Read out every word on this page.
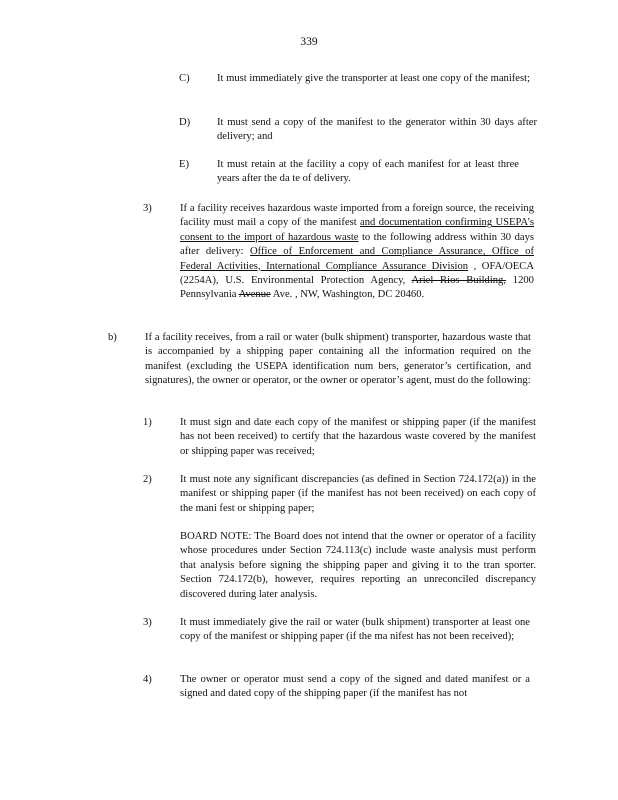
339
C)	It must immediately give the transporter at least one copy of the manifest;
D)	It must send a copy of the manifest to the generator within 30 days after delivery; and
E)	It must retain at the facility a copy of each manifest for at least three years after the da te of delivery.
3)	If a facility receives hazardous waste imported from a foreign source, the receiving facility must mail a copy of the manifest and documentation confirming USEPA’s consent to the import of hazardous waste to the following address within 30 days after delivery: Office of Enforcement and Compliance Assurance, Office of Federal Activities, International Compliance Assurance Division , OFA/OECA (2254A), U.S. Environmental Protection Agency, Ariel Rios Building, 1200 Pennsylvania Avenue Ave. , NW, Washington, DC 20460.
b)	If a facility receives, from a rail or water (bulk shipment) transporter, hazardous waste that is accompanied by a shipping paper containing all the information required on the manifest (excluding the USEPA identification num bers, generator’s certification, and signatures), the owner or operator, or the owner or operator’s agent, must do the following:
1)	It must sign and date each copy of the manifest or shipping paper (if the manifest has not been received) to certify that the hazardous waste covered by the manifest or shipping paper was received;
2)	It must note any significant discrepancies (as defined in Section 724.172(a)) in the manifest or shipping paper (if the manifest has not been received) on each copy of the mani fest or shipping paper;
BOARD NOTE: The Board does not intend that the owner or operator of a facility whose procedures under Section 724.113(c) include waste analysis must perform that analysis before signing the shipping paper and giving it to the tran sporter. Section 724.172(b), however, requires reporting an unreconciled discrepancy discovered during later analysis.
3)	It must immediately give the rail or water (bulk shipment) transporter at least one copy of the manifest or shipping paper (if the ma nifest has not been received);
4)	The owner or operator must send a copy of the signed and dated manifest or a signed and dated copy of the shipping paper (if the manifest has not
